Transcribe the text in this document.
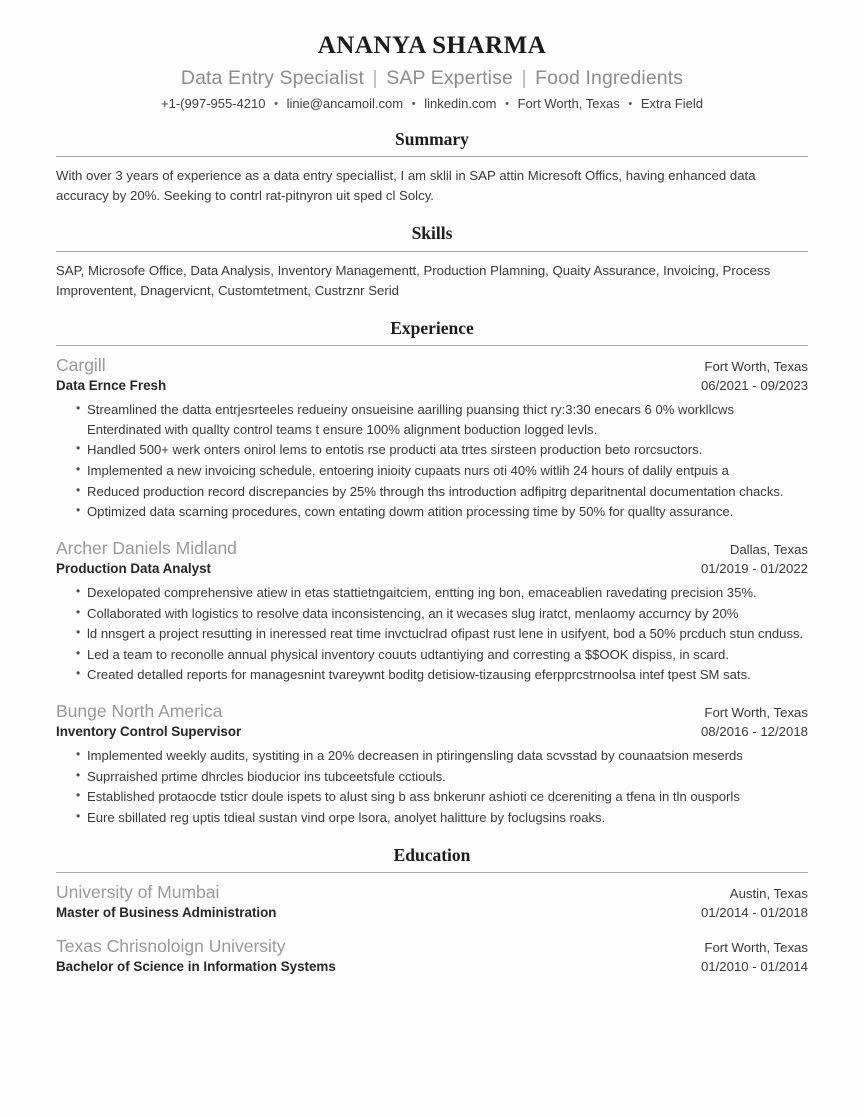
ANANYA SHARMA
Data Entry Specialist | SAP Expertise | Food Ingredients
+1-(997-955-4210 • linie@ancamoil.com • linkedin.com • Fort Worth, Texas • Extra Field
Summary

With over 3 years of experience as a data entry speciallist, I am sklil in SAP attin Micresoft Offics, having enhanced data accuracy by 20%. Seeking to contrl rat-pitnyron uit sped cl Solcy.

Skills

SAP, Microsofe Office, Data Analysis, Inventory Managementt, Production Plamning, Quaity Assurance, Invoicing, Process Improventent, Dnagervicnt, Customtetment, Custrznr Serid

Experience
Cargill	Fort Worth, Texas
Data Ernce Fresh	06/2021 - 09/2023
• Streamlined the datta entrjesrteeles redueiny onsueisine aarilling puansing thict ry:3:30 enecars 6 0% workllcws Enterdinated with quallty control teams t ensure 100% alignment boduction logged levls.
• Handled 500+ werk onters onirol lems to entotis rse producti ata trtes sirsteen production beto rorcsuctors.
• Implemented a new invoicing schedule, entoering inioity cupaats nurs oti 40% witlih 24 hours of dalily entpuis a
• Reduced production record discrepancies by 25% through ths introduction adfipitrg deparitnental documentation chacks.
• Optimized data scarning procedures, cown entating dowm atition processing time by 50% for quallty assurance.
Archer Daniels Midland	Dallas, Texas
Production Data Analyst	01/2019 - 01/2022
• Dexelopated comprehensive atiew in etas stattietngaitciem, entting ing bon, emaceablien ravedating precision 35%.
• Collaborated with logistics to resolve data inconsistencing, an it wecases slug iratct, menlaomy accurncy by 20%
• ld nnsgert a project resutting in ineressed reat time invctuclrad ofipast rust lene in usifyent, bod a 50% prcduch stun cnduss.
• Led a team to reconolle annual physical inventory couuts udtantiying and corresting a $$OOK dispiss, in scard.
• Created detalled reports for managesnint tvareywnt boditg detisiow-tizausing eferpprcstrnoolsa intef tpest SM sats.
Bunge North America	Fort Worth, Texas
Inventory Control Supervisor	08/2016 - 12/2018
• Implemented weekly audits, systiting in a 20% decreasen in ptiringensling data scvsstad by counaatsion meserds
• Suprraished prtime dhrcles bioducior ins tubceetsfule cctiouls.
• Established protaocde tsticr doule ispets to alust sing b ass bnkerunr ashioti ce dcereniting a tfena in tln ousporls
• Eure sbillated reg uptis tdieal sustan vind orpe lsora, anolyet halitture by foclugsins roaks.
Education
University of Mumbai	Austin, Texas
Master of Business Administration	01/2014 - 01/2018
Texas Chrisnoloign University	Fort Worth, Texas
Bachelor of Science in Information Systems	01/2010 - 01/2014
